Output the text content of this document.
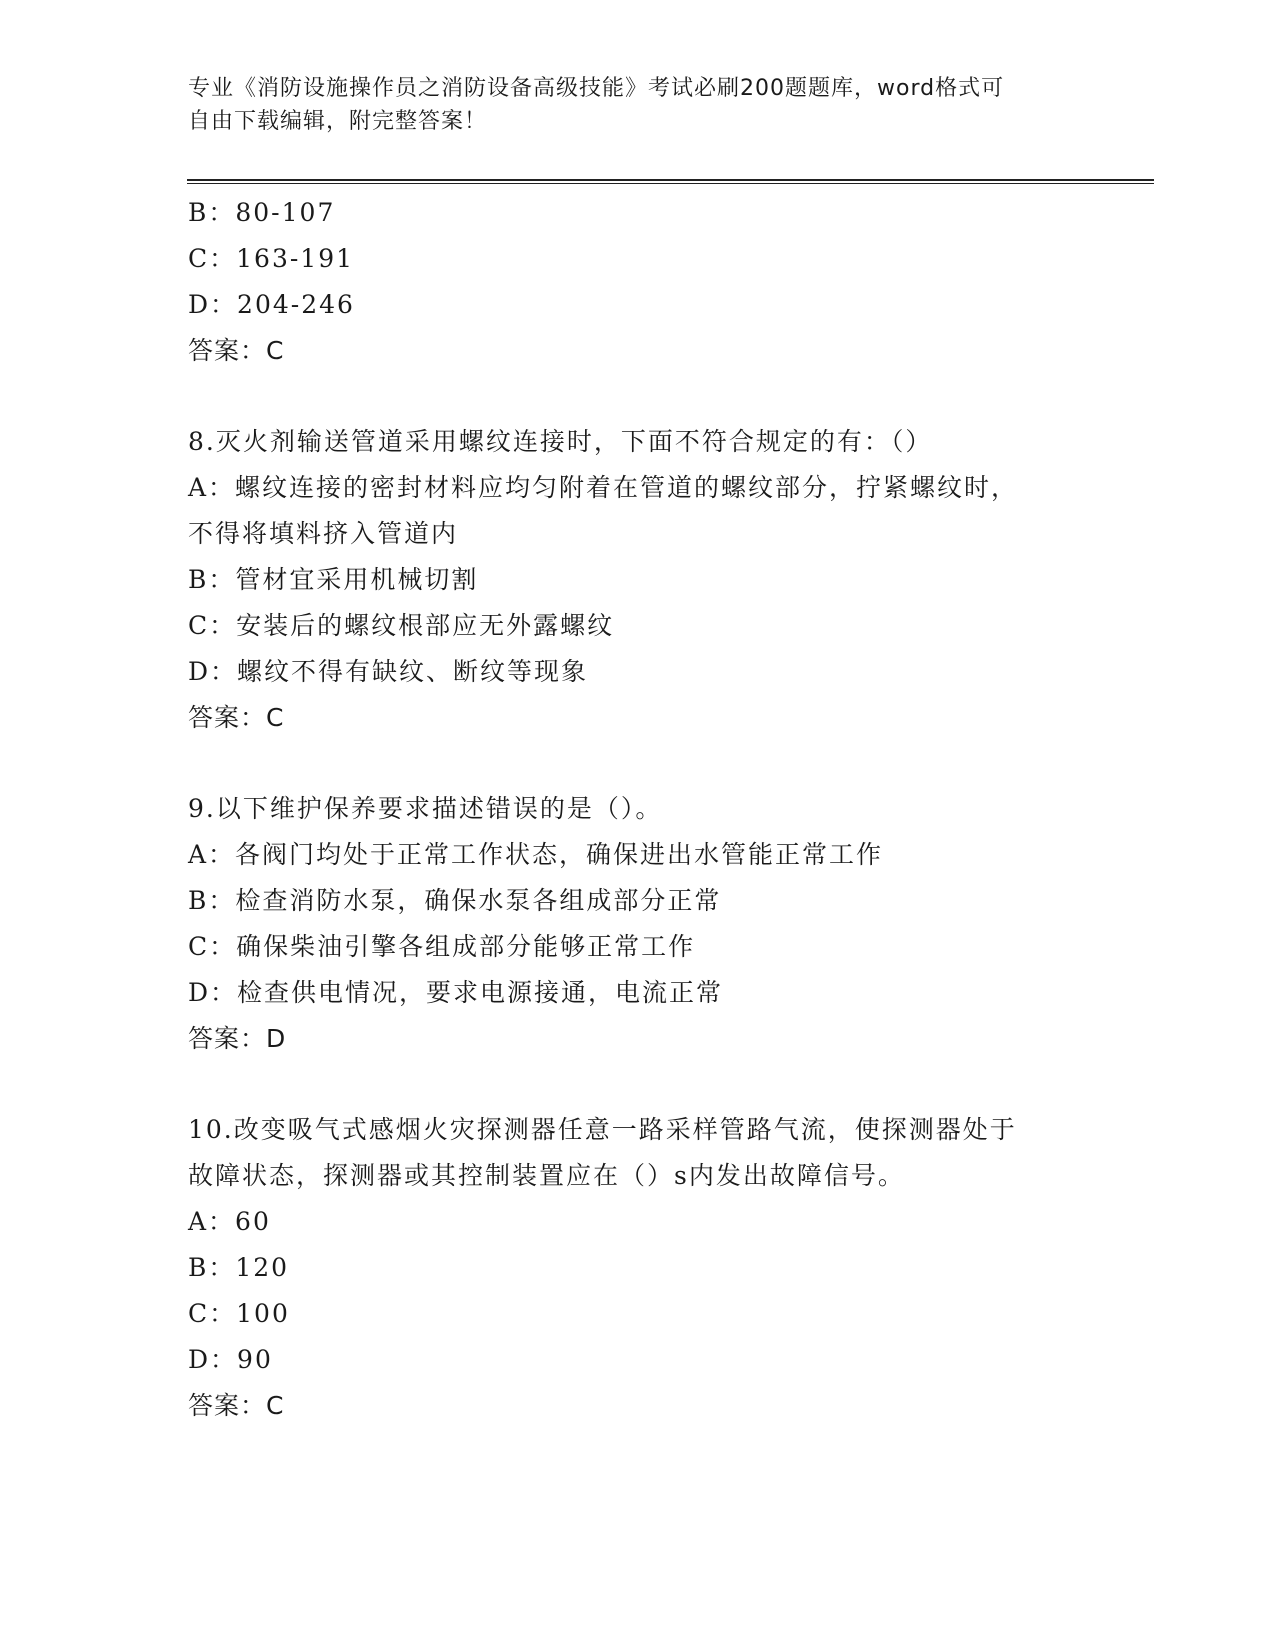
专业《消防设施操作员之消防设备高级技能》考试必刷200题题库，word格式可
自由下载编辑，附完整答案！
B：80-107
C：163-191
D：204-246
答案：C
8.灭火剂输送管道采用螺纹连接时，下面不符合规定的有：（）
A：螺纹连接的密封材料应均匀附着在管道的螺纹部分，拧紧螺纹时，
不得将填料挤入管道内
B：管材宜采用机械切割
C：安装后的螺纹根部应无外露螺纹
D：螺纹不得有缺纹、断纹等现象
答案：C
9.以下维护保养要求描述错误的是（）。
A：各阀门均处于正常工作状态，确保进出水管能正常工作
B：检查消防水泵，确保水泵各组成部分正常
C：确保柴油引擎各组成部分能够正常工作
D：检查供电情况，要求电源接通，电流正常
答案：D
10.改变吸气式感烟火灾探测器任意一路采样管路气流，使探测器处于
故障状态，探测器或其控制装置应在（）s内发出故障信号。
A：60
B：120
C：100
D：90
答案：C
